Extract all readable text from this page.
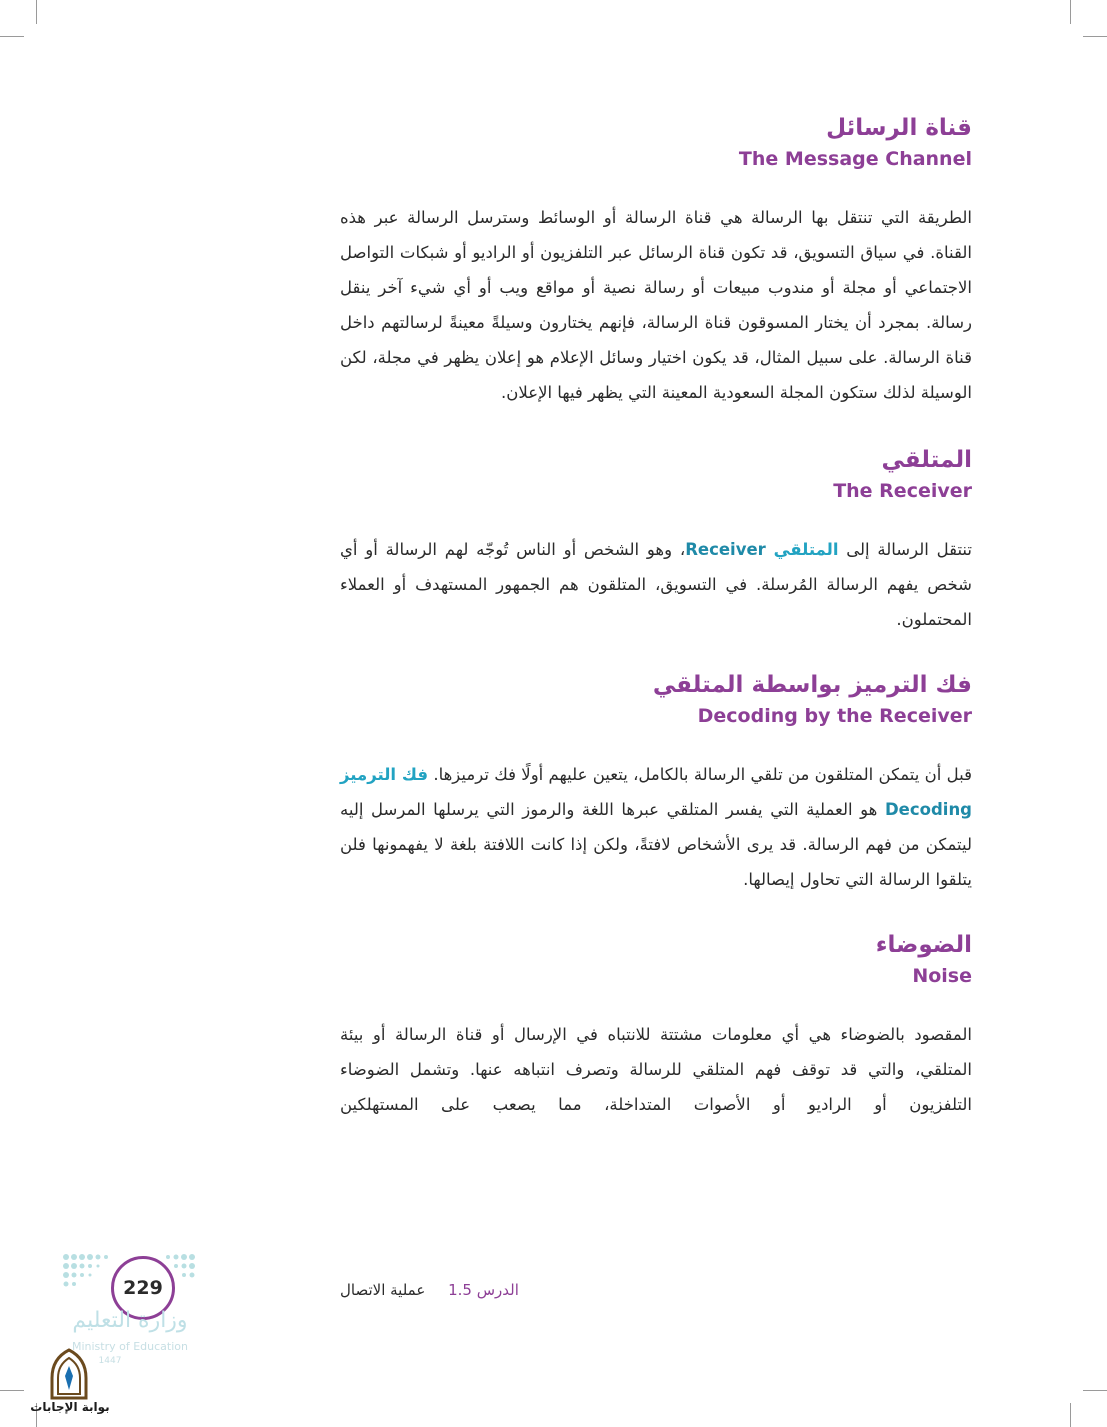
قناة الرسائل
The Message Channel

الطريقة التي تنتقل بها الرسالة هي قناة الرسالة أو الوسائط وسترسل الرسالة عبر هذه القناة. في سياق التسويق، قد تكون قناة الرسائل عبر التلفزيون أو الراديو أو شبكات التواصل الاجتماعي أو مجلة أو مندوب مبيعات أو رسالة نصية أو مواقع ويب أو أي شيء آخر ينقل رسالة. بمجرد أن يختار المسوقون قناة الرسالة، فإنهم يختارون وسيلةً معينةً لرسالتهم داخل قناة الرسالة. على سبيل المثال، قد يكون اختيار وسائل الإعلام هو إعلان يظهر في مجلة، لكن الوسيلة لذلك ستكون المجلة السعودية المعينة التي يظهر فيها الإعلان.

المتلقي
The Receiver

تنتقل الرسالة إلى المتلقي Receiver، وهو الشخص أو الناس تُوجّه لهم الرسالة أو أي شخص يفهم الرسالة المُرسلة. في التسويق، المتلقون هم الجمهور المستهدف أو العملاء المحتملون.

فك الترميز بواسطة المتلقي
Decoding by the Receiver

قبل أن يتمكن المتلقون من تلقي الرسالة بالكامل، يتعين عليهم أولًا فك ترميزها. فك الترميز Decoding هو العملية التي يفسر المتلقي عبرها اللغة والرموز التي يرسلها المرسل إليه ليتمكن من فهم الرسالة. قد يرى الأشخاص لافتةً، ولكن إذا كانت اللافتة بلغة لا يفهمونها فلن يتلقوا الرسالة التي تحاول إيصالها.

الضوضاء
Noise

المقصود بالضوضاء هي أي معلومات مشتتة للانتباه في الإرسال أو قناة الرسالة أو بيئة المتلقي، والتي قد توقف فهم المتلقي للرسالة وتصرف انتباهه عنها. وتشمل الضوضاء التلفزيون أو الراديو أو الأصوات المتداخلة، مما يصعب على المستهلكين

الدرس 1.5 عملية الاتصال
229
وزارة التعليم
Ministry of Education
1447
بوابة الإجابات
